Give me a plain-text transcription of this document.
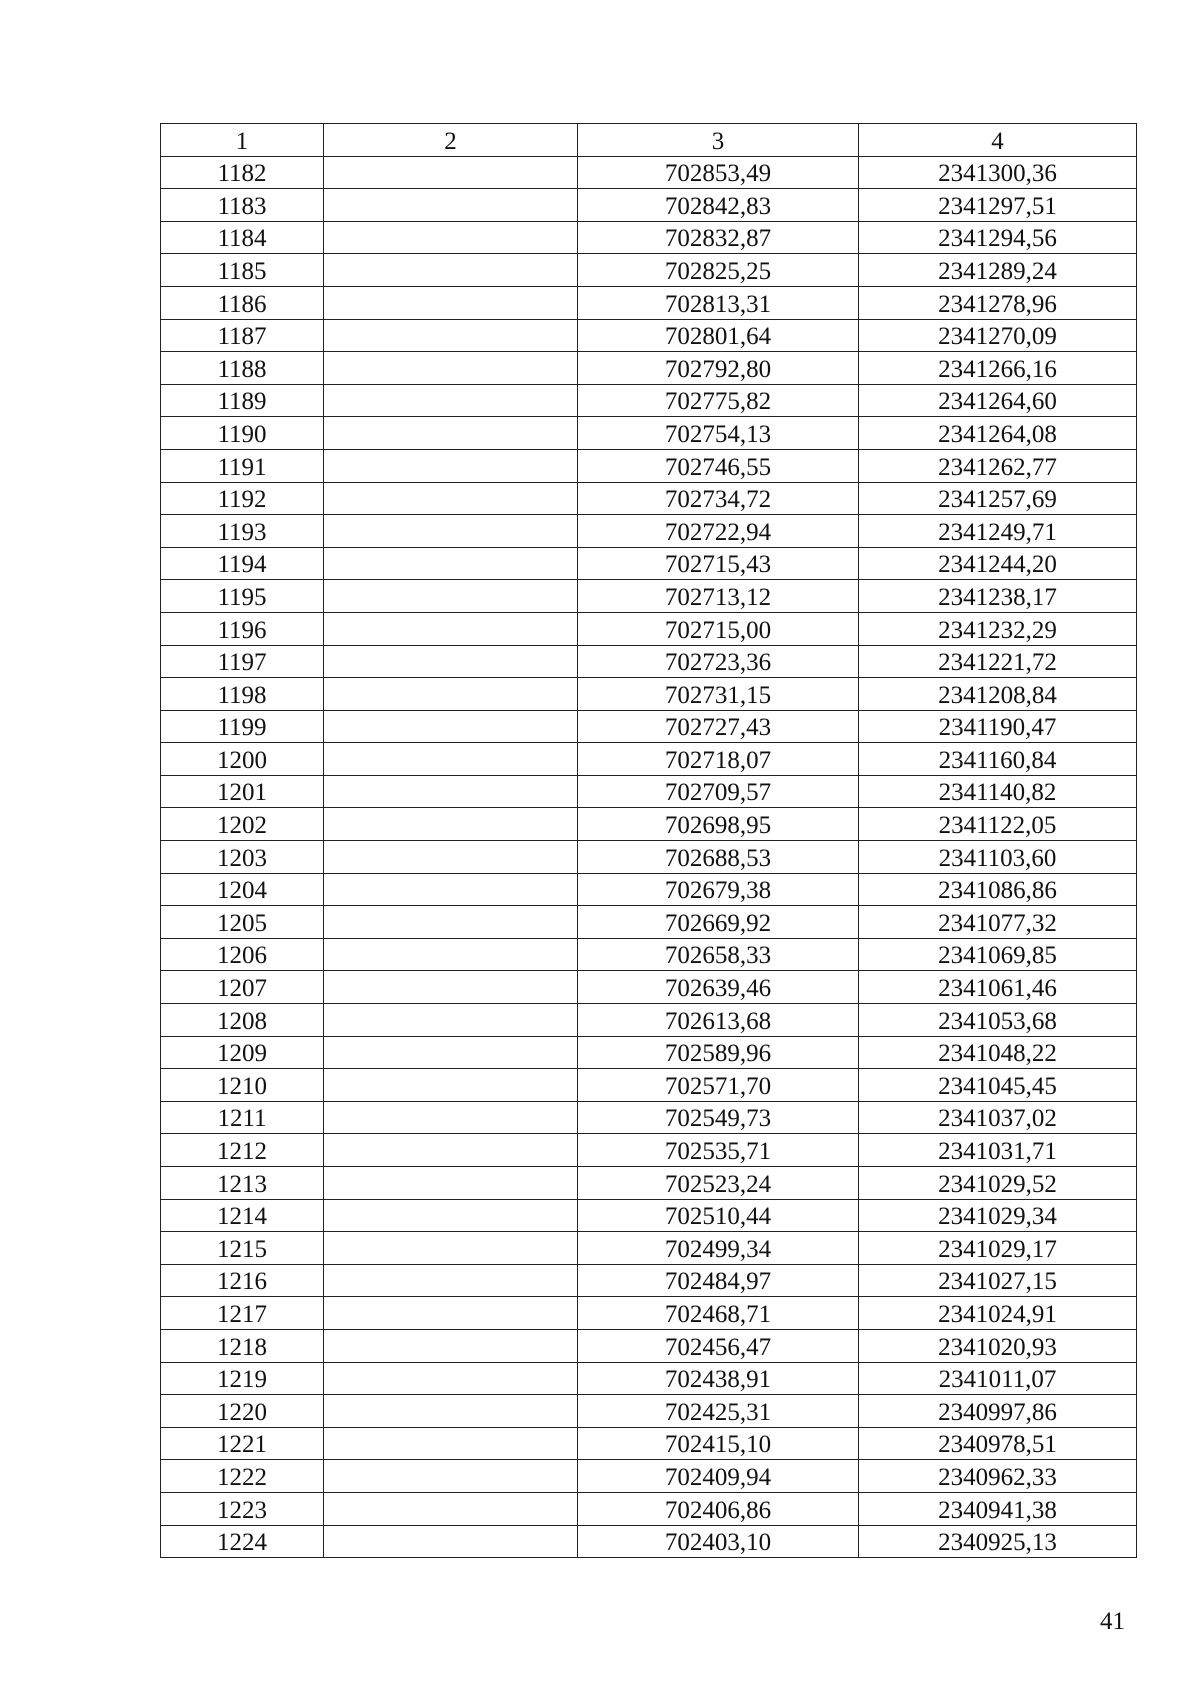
1	2	3	4
1182		702853,49	2341300,36
1183		702842,83	2341297,51
1184		702832,87	2341294,56
1185		702825,25	2341289,24
1186		702813,31	2341278,96
1187		702801,64	2341270,09
1188		702792,80	2341266,16
1189		702775,82	2341264,60
1190		702754,13	2341264,08
1191		702746,55	2341262,77
1192		702734,72	2341257,69
1193		702722,94	2341249,71
1194		702715,43	2341244,20
1195		702713,12	2341238,17
1196		702715,00	2341232,29
1197		702723,36	2341221,72
1198		702731,15	2341208,84
1199		702727,43	2341190,47
1200		702718,07	2341160,84
1201		702709,57	2341140,82
1202		702698,95	2341122,05
1203		702688,53	2341103,60
1204		702679,38	2341086,86
1205		702669,92	2341077,32
1206		702658,33	2341069,85
1207		702639,46	2341061,46
1208		702613,68	2341053,68
1209		702589,96	2341048,22
1210		702571,70	2341045,45
1211		702549,73	2341037,02
1212		702535,71	2341031,71
1213		702523,24	2341029,52
1214		702510,44	2341029,34
1215		702499,34	2341029,17
1216		702484,97	2341027,15
1217		702468,71	2341024,91
1218		702456,47	2341020,93
1219		702438,91	2341011,07
1220		702425,31	2340997,86
1221		702415,10	2340978,51
1222		702409,94	2340962,33
1223		702406,86	2340941,38
1224		702403,10	2340925,13
41
